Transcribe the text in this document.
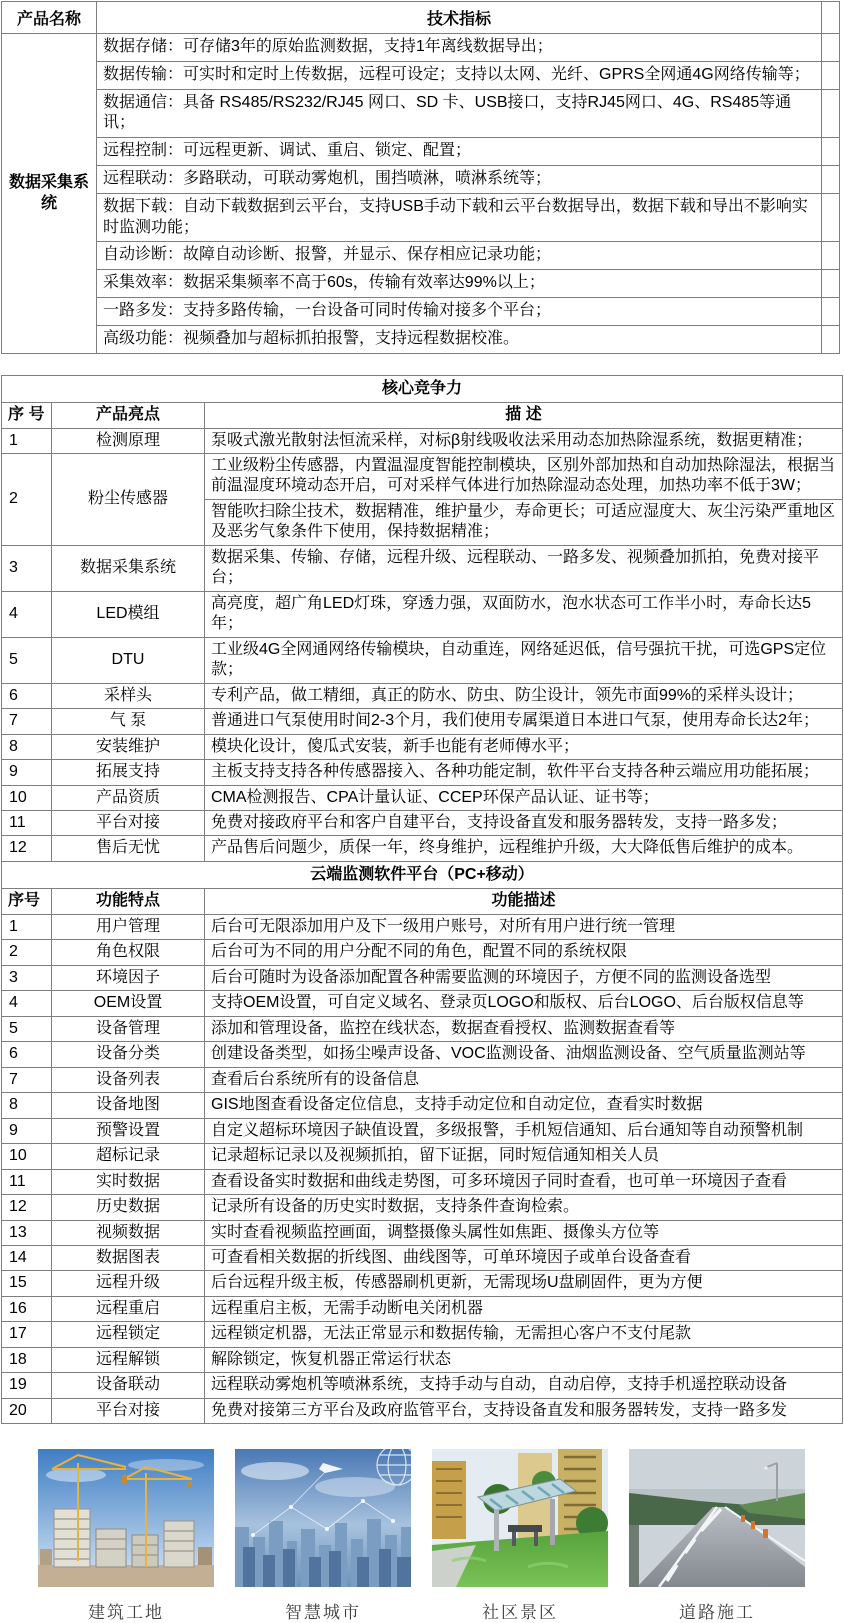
产品名称	技术指标	
数据采集系统	数据存储：可存储3年的原始监测数据，支持1年离线数据导出；	
	数据传输：可实时和定时上传数据，远程可设定；支持以太网、光纤、GPRS全网通4G网络传输等；	
	数据通信：具备 RS485/RS232/RJ45 网口、SD 卡、USB接口，支持RJ45网口、4G、RS485等通讯；	
	远程控制：可远程更新、调试、重启、锁定、配置；	
	远程联动：多路联动，可联动雾炮机，围挡喷淋，喷淋系统等；	
	数据下载：自动下载数据到云平台，支持USB手动下载和云平台数据导出，数据下载和导出不影响实时监测功能；	
	自动诊断：故障自动诊断、报警，并显示、保存相应记录功能；	
	采集效率：数据采集频率不高于60s，传输有效率达99%以上；	
	一路多发：支持多路传输，一台设备可同时传输对接多个平台；	
	高级功能：视频叠加与超标抓拍报警，支持远程数据校准。	
核心竞争力		
序 号	产品亮点	描 述
1	检测原理	泵吸式激光散射法恒流采样，对标β射线吸收法采用动态加热除湿系统，数据更精准；
2	粉尘传感器	工业级粉尘传感器，内置温湿度智能控制模块，区别外部加热和自动加热除湿法，根据当前温湿度环境动态开启，可对采样气体进行加热除湿动态处理，加热功率不低于3W；
		智能吹扫除尘技术，数据精准，维护量少，寿命更长；可适应湿度大、灰尘污染严重地区及恶劣气象条件下使用，保持数据精准；
3	数据采集系统	数据采集、传输、存储，远程升级、远程联动、一路多发、视频叠加抓拍，免费对接平台；
4	LED模组	高亮度，超广角LED灯珠，穿透力强，双面防水，泡水状态可工作半小时，寿命长达5年；
5	DTU	工业级4G全网通网络传输模块，自动重连，网络延迟低，信号强抗干扰，可选GPS定位款；
6	采样头	专利产品，做工精细，真正的防水、防虫、防尘设计，领先市面99%的采样头设计；
7	气 泵	普通进口气泵使用时间2-3个月，我们使用专属渠道日本进口气泵，使用寿命长达2年；
8	安装维护	模块化设计，傻瓜式安装，新手也能有老师傅水平；
9	拓展支持	主板支持支持各种传感器接入、各种功能定制，软件平台支持各种云端应用功能拓展；
10	产品资质	CMA检测报告、CPA计量认证、CCEP环保产品认证、证书等；
11	平台对接	免费对接政府平台和客户自建平台，支持设备直发和服务器转发，支持一路多发；
12	售后无忧	产品售后问题少，质保一年，终身维护，远程维护升级，大大降低售后维护的成本。
云端监测软件平台（PC+移动）		
序号	功能特点	功能描述
1	用户管理	后台可无限添加用户及下一级用户账号，对所有用户进行统一管理
2	角色权限	后台可为不同的用户分配不同的角色，配置不同的系统权限
3	环境因子	后台可随时为设备添加配置各种需要监测的环境因子，方便不同的监测设备选型
4	OEM设置	支持OEM设置，可自定义域名、登录页LOGO和版权、后台LOGO、后台版权信息等
5	设备管理	添加和管理设备，监控在线状态，数据查看授权、监测数据查看等
6	设备分类	创建设备类型，如扬尘噪声设备、VOC监测设备、油烟监测设备、空气质量监测站等
7	设备列表	查看后台系统所有的设备信息
8	设备地图	GIS地图查看设备定位信息，支持手动定位和自动定位，查看实时数据
9	预警设置	自定义超标环境因子缺值设置，多级报警，手机短信通知、后台通知等自动预警机制
10	超标记录	记录超标记录以及视频抓拍，留下证据，同时短信通知相关人员
11	实时数据	查看设备实时数据和曲线走势图，可多环境因子同时查看，也可单一环境因子查看
12	历史数据	记录所有设备的历史实时数据，支持条件查询检索。
13	视频数据	实时查看视频监控画面，调整摄像头属性如焦距、摄像头方位等
14	数据图表	可查看相关数据的折线图、曲线图等，可单环境因子或单台设备查看
15	远程升级	后台远程升级主板，传感器刷机更新，无需现场U盘刷固件，更为方便
16	远程重启	远程重启主板，无需手动断电关闭机器
17	远程锁定	远程锁定机器，无法正常显示和数据传输，无需担心客户不支付尾款
18	远程解锁	解除锁定，恢复机器正常运行状态
19	设备联动	远程联动雾炮机等喷淋系统，支持手动与自动，自动启停，支持手机遥控联动设备
20	平台对接	免费对接第三方平台及政府监管平台，支持设备直发和服务器转发，支持一路多发
建筑工地	智慧城市	社区景区	道路施工
